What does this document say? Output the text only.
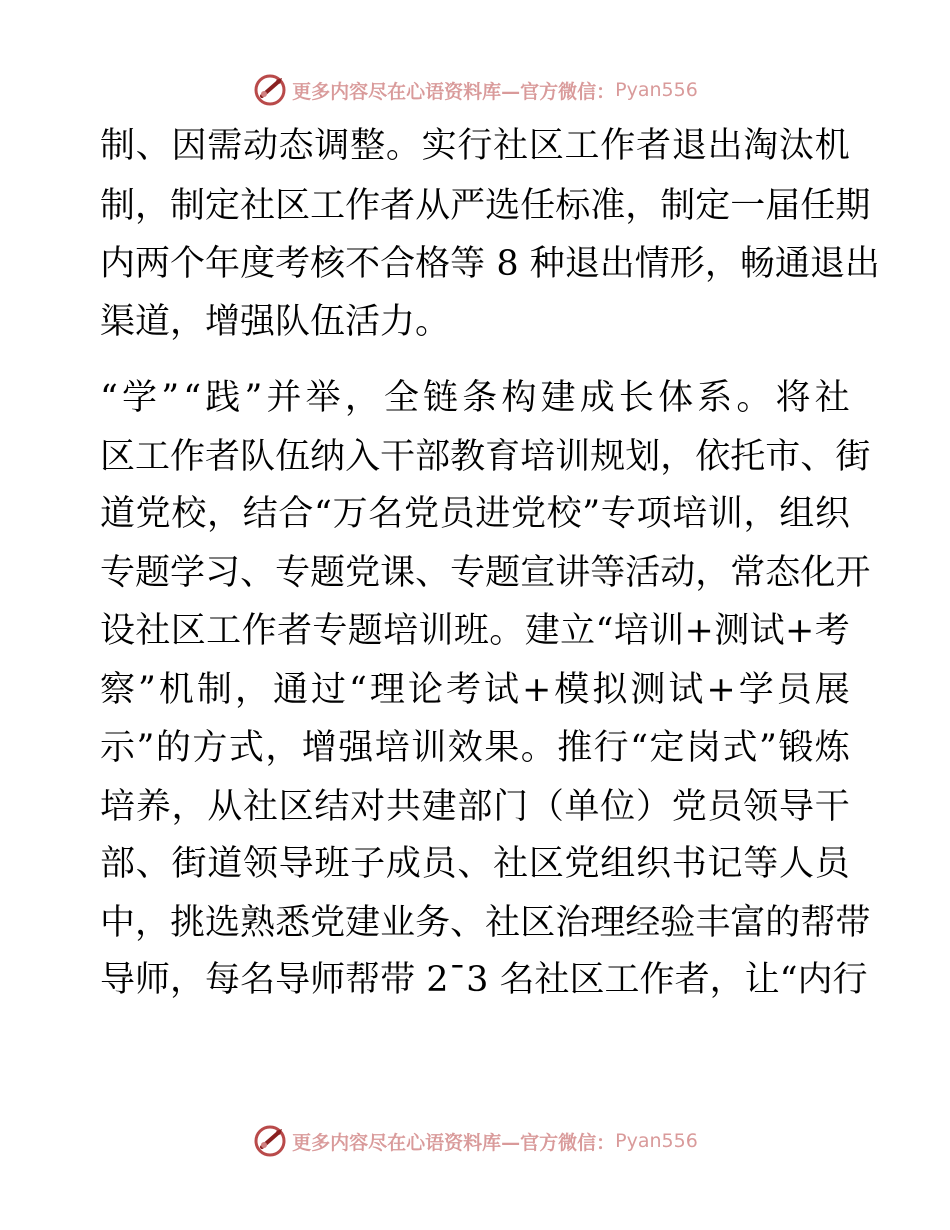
更多内容尽在心语资料库—官方微信： Pyan556
制 、 因 需 动 态 调 整 。 实 行 社 区 工 作 者 退 出 淘 汰 机
制 ， 制 定 社 区 工 作 者 从 严 选 任 标 准 ， 制 定 一 届 任 期
内 两 个 年 度 考 核 不 合 格 等
8
种 退 出 情 形 ， 畅 通 退 出
渠道，增强队伍活力。
“ 学 ” “ 践 ” 并 举 ， 全 链 条 构 建 成 长 体 系 。 将 社
区 工 作 者 队 伍 纳 入 干 部 教 育 培 训 规 划 ， 依 托 市 、 街
道 党 校 ， 结 合 “ 万 名 党 员 进 党 校 ” 专 项 培 训 ， 组 织
专 题 学 习 、 专 题 党 课 、 专 题 宣 讲 等 活 动 ， 常 态 化 开
设 社 区 工 作 者 专 题 培 训 班 。 建 立 “ 培 训 + 测 试 + 考
察 ” 机 制 ， 通 过 “ 理 论 考 试 + 模 拟 测 试 + 学 员 展
示 ” 的 方 式 ， 增 强 培 训 效 果 。 推 行 “ 定 岗 式 ” 锻 炼
培 养 ， 从 社 区 结 对 共 建 部 门 （ 单 位 ） 党 员 领 导 干
部 、 街 道 领 导 班 子 成 员 、 社 区 党 组 织 书 记 等 人 员
中 ， 挑 选 熟 悉 党 建 业 务 、 社 区 治 理 经 验 丰 富 的 帮 带
导 师 ， 每 名 导 师 帮 带
2 ¯ 3
名 社 区 工 作 者 ， 让 “ 内 行
更多内容尽在心语资料库—官方微信： Pyan556
